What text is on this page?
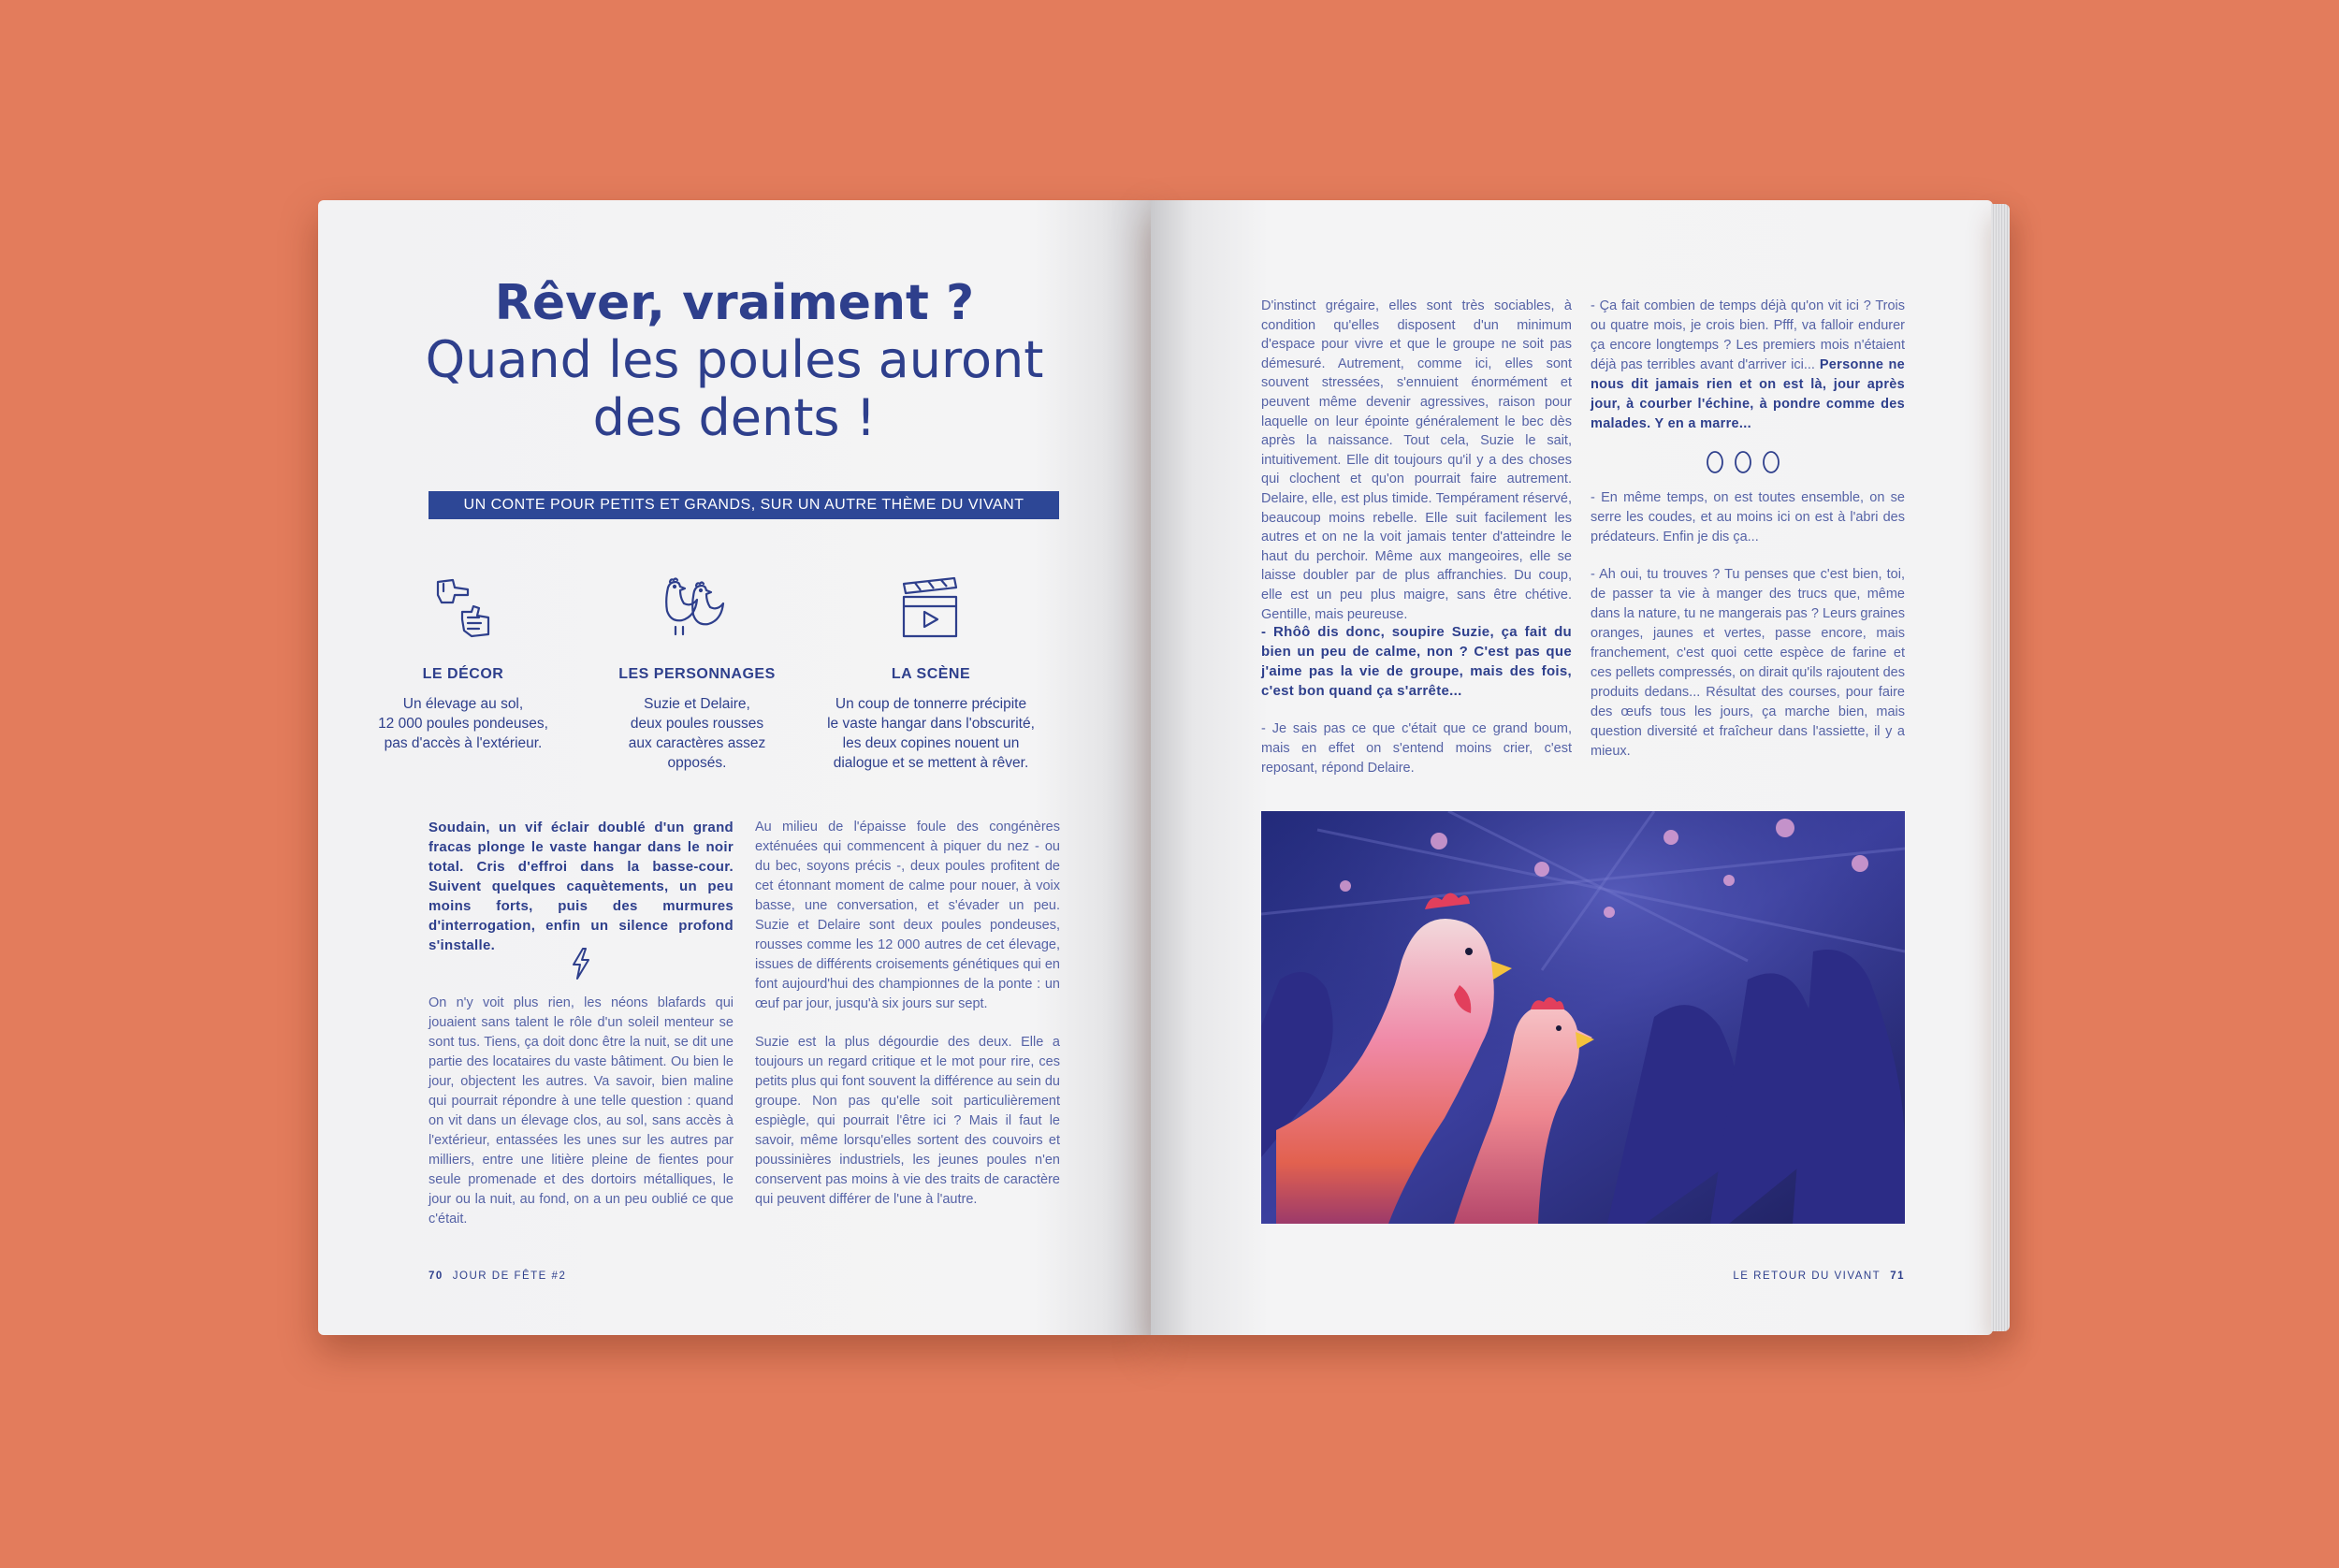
Rêver, vraiment ?
Quand les poules auront
des dents !
UN CONTE POUR PETITS ET GRANDS, SUR UN AUTRE THÈME DU VIVANT
LE DÉCOR
Un élevage au sol,
12 000 poules pondeuses,
pas d'accès à l'extérieur.
LES PERSONNAGES
Suzie et Delaire,
deux poules rousses
aux caractères assez
opposés.
LA SCÈNE
Un coup de tonnerre précipite
le vaste hangar dans l'obscurité,
les deux copines nouent un
dialogue et se mettent à rêver.
Soudain, un vif éclair doublé d'un grand fracas plonge le vaste hangar dans le noir total. Cris d'effroi dans la basse-cour. Suivent quelques caquètements, un peu moins forts, puis des murmures d'interrogation, enfin un silence profond s'installe.
On n'y voit plus rien, les néons blafards qui jouaient sans talent le rôle d'un soleil menteur se sont tus. Tiens, ça doit donc être la nuit, se dit une partie des locataires du vaste bâtiment. Ou bien le jour, objectent les autres. Va savoir, bien maline qui pourrait répondre à une telle question : quand on vit dans un élevage clos, au sol, sans accès à l'extérieur, entassées les unes sur les autres par milliers, entre une litière pleine de fientes pour seule promenade et des dortoirs métalliques, le jour ou la nuit, au fond, on a un peu oublié ce que c'était.
Au milieu de l'épaisse foule des congénères exténuées qui commencent à piquer du nez - ou du bec, soyons précis -, deux poules profitent de cet étonnant moment de calme pour nouer, à voix basse, une conversation, et s'évader un peu. Suzie et Delaire sont deux poules pondeuses, rousses comme les 12 000 autres de cet élevage, issues de différents croisements génétiques qui en font aujourd'hui des championnes de la ponte : un œuf par jour, jusqu'à six jours sur sept.
Suzie est la plus dégourdie des deux. Elle a toujours un regard critique et le mot pour rire, ces petits plus qui font souvent la différence au sein du groupe. Non pas qu'elle soit particulièrement espiègle, qui pourrait l'être ici ? Mais il faut le savoir, même lorsqu'elles sortent des couvoirs et poussinières industriels, les jeunes poules n'en conservent pas moins à vie des traits de caractère qui peuvent différer de l'une à l'autre.
70 JOUR DE FÊTE #2
D'instinct grégaire, elles sont très sociables, à condition qu'elles disposent d'un minimum d'espace pour vivre et que le groupe ne soit pas démesuré. Autrement, comme ici, elles sont souvent stressées, s'ennuient énormément et peuvent même devenir agressives, raison pour laquelle on leur épointe généralement le bec dès après la naissance. Tout cela, Suzie le sait, intuitivement. Elle dit toujours qu'il y a des choses qui clochent et qu'on pourrait faire autrement. Delaire, elle, est plus timide. Tempérament réservé, beaucoup moins rebelle. Elle suit facilement les autres et on ne la voit jamais tenter d'atteindre le haut du perchoir. Même aux mangeoires, elle se laisse doubler par de plus affranchies. Du coup, elle est un peu plus maigre, sans être chétive. Gentille, mais peureuse.
- Rhôô dis donc, soupire Suzie, ça fait du bien un peu de calme, non ? C'est pas que j'aime pas la vie de groupe, mais des fois, c'est bon quand ça s'arrête...
- Je sais pas ce que c'était que ce grand boum, mais en effet on s'entend moins crier, c'est reposant, répond Delaire.
- Ça fait combien de temps déjà qu'on vit ici ? Trois ou quatre mois, je crois bien. Pfff, va falloir endurer ça encore longtemps ? Les premiers mois n'étaient déjà pas terribles avant d'arriver ici... Personne ne nous dit jamais rien et on est là, jour après jour, à courber l'échine, à pondre comme des malades. Y en a marre...
- En même temps, on est toutes ensemble, on se serre les coudes, et au moins ici on est à l'abri des prédateurs. Enfin je dis ça...
- Ah oui, tu trouves ? Tu penses que c'est bien, toi, de passer ta vie à manger des trucs que, même dans la nature, tu ne mangerais pas ? Leurs graines oranges, jaunes et vertes, passe encore, mais franchement, c'est quoi cette espèce de farine et ces pellets compressés, on dirait qu'ils rajoutent des produits dedans... Résultat des courses, pour faire des œufs tous les jours, ça marche bien, mais question diversité et fraîcheur dans l'assiette, il y a mieux.
LE RETOUR DU VIVANT 71
